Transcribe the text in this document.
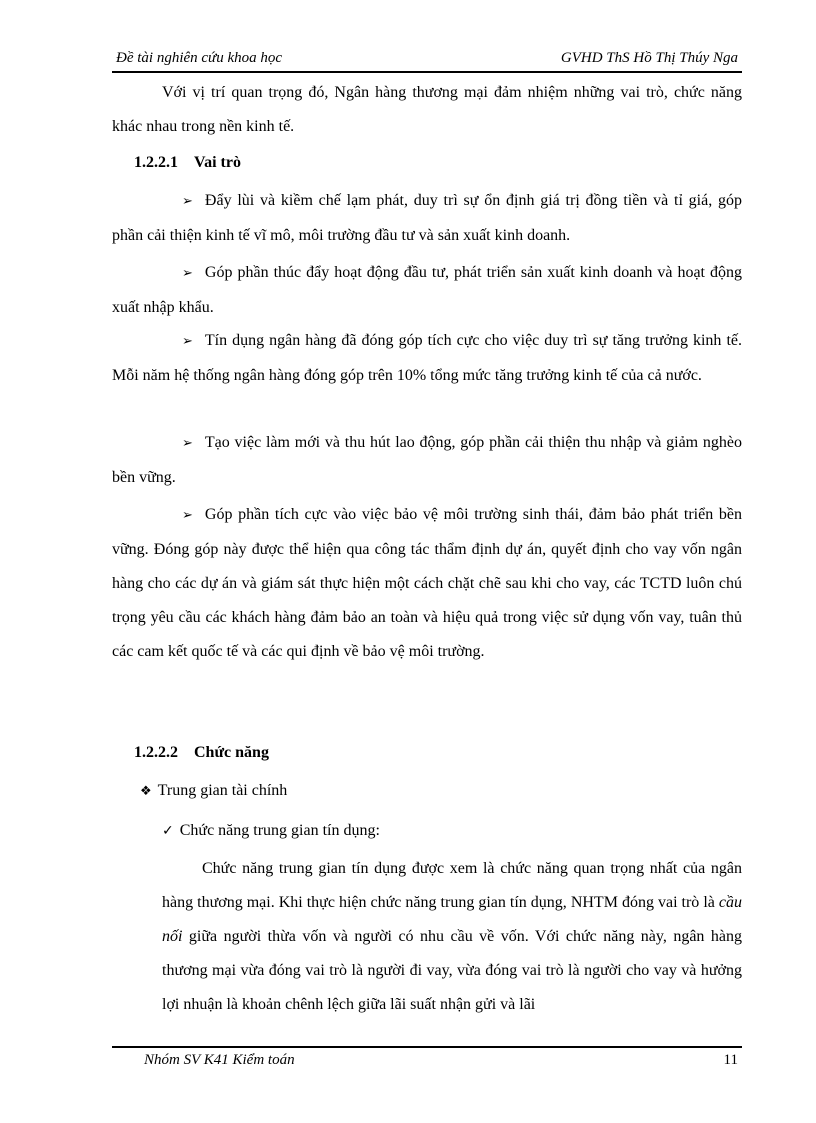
Đề tài nghiên cứu khoa học	GVHD ThS Hồ Thị Thúy Nga

Với vị trí quan trọng đó, Ngân hàng thương mại đảm nhiệm những vai trò, chức năng khác nhau trong nền kinh tế.

1.2.2.1 Vai trò

➢ Đẩy lùi và kiềm chế lạm phát, duy trì sự ổn định giá trị đồng tiền và tỉ giá, góp phần cải thiện kinh tế vĩ mô, môi trường đầu tư và sản xuất kinh doanh.

➢ Góp phần thúc đẩy hoạt động đầu tư, phát triển sản xuất kinh doanh và hoạt động xuất nhập khẩu.

➢ Tín dụng ngân hàng đã đóng góp tích cực cho việc duy trì sự tăng trưởng kinh tế. Mỗi năm hệ thống ngân hàng đóng góp trên 10% tổng mức tăng trưởng kinh tế của cả nước.

➢ Tạo việc làm mới và thu hút lao động, góp phần cải thiện thu nhập và giảm nghèo bền vững.

➢ Góp phần tích cực vào việc bảo vệ môi trường sinh thái, đảm bảo phát triển bền vững. Đóng góp này được thể hiện qua công tác thẩm định dự án, quyết định cho vay vốn ngân hàng cho các dự án và giám sát thực hiện một cách chặt chẽ sau khi cho vay, các TCTD luôn chú trọng yêu cầu các khách hàng đảm bảo an toàn và hiệu quả trong việc sử dụng vốn vay, tuân thủ các cam kết quốc tế và các qui định về bảo vệ môi trường.

1.2.2.2 Chức năng

❖ Trung gian tài chính

✓ Chức năng trung gian tín dụng:

Chức năng trung gian tín dụng được xem là chức năng quan trọng nhất của ngân hàng thương mại. Khi thực hiện chức năng trung gian tín dụng, NHTM đóng vai trò là cầu nối giữa người thừa vốn và người có nhu cầu về vốn. Với chức năng này, ngân hàng thương mại vừa đóng vai trò là người đi vay, vừa đóng vai trò là người cho vay và hưởng lợi nhuận là khoản chênh lệch giữa lãi suất nhận gửi và lãi

Nhóm SV K41 Kiểm toán	11
